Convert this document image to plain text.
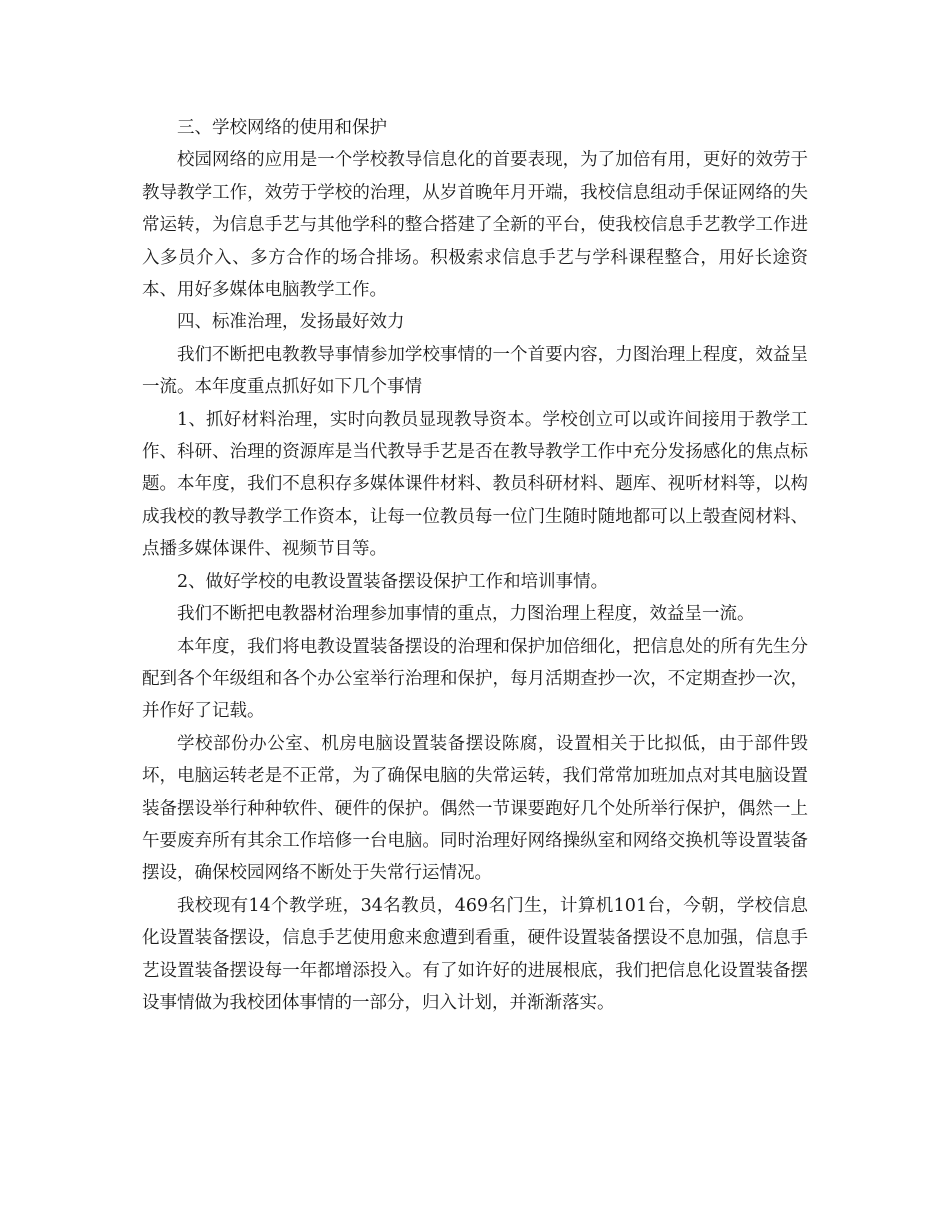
三、学校网络的使用和保护

校园网络的应用是一个学校教导信息化的首要表现，为了加倍有用，更好的效劳于教导教学工作，效劳于学校的治理，从岁首晚年月开端，我校信息组动手保证网络的失常运转，为信息手艺与其他学科的整合搭建了全新的平台，使我校信息手艺教学工作进入多员介入、多方合作的场合排场。积极索求信息手艺与学科课程整合，用好长途资本、用好多媒体电脑教学工作。

四、标准治理，发扬最好效力

我们不断把电教教导事情参加学校事情的一个首要内容，力图治理上程度，效益呈一流。本年度重点抓好如下几个事情

1、抓好材料治理，实时向教员显现教导资本。学校创立可以或许间接用于教学工作、科研、治理的资源库是当代教导手艺是否在教导教学工作中充分发扬感化的焦点标题。本年度，我们不息积存多媒体课件材料、教员科研材料、题库、视听材料等，以构成我校的教导教学工作资本，让每一位教员每一位门生随时随地都可以上彀查阅材料、点播多媒体课件、视频节目等。

2、做好学校的电教设置装备摆设保护工作和培训事情。

我们不断把电教器材治理参加事情的重点，力图治理上程度，效益呈一流。

本年度，我们将电教设置装备摆设的治理和保护加倍细化，把信息处的所有先生分配到各个年级组和各个办公室举行治理和保护，每月活期查抄一次，不定期查抄一次，并作好了记载。

学校部份办公室、机房电脑设置装备摆设陈腐，设置相关于比拟低，由于部件毁坏，电脑运转老是不正常，为了确保电脑的失常运转，我们常常加班加点对其电脑设置装备摆设举行种种软件、硬件的保护。偶然一节课要跑好几个处所举行保护，偶然一上午要废弃所有其余工作培修一台电脑。同时治理好网络操纵室和网络交换机等设置装备摆设，确保校园网络不断处于失常行运情况。

我校现有14个教学班，34名教员，469名门生，计算机101台，今朝，学校信息化设置装备摆设，信息手艺使用愈来愈遭到看重，硬件设置装备摆设不息加强，信息手艺设置装备摆设每一年都增添投入。有了如许好的进展根底，我们把信息化设置装备摆设事情做为我校团体事情的一部分，归入计划，并渐渐落实。
